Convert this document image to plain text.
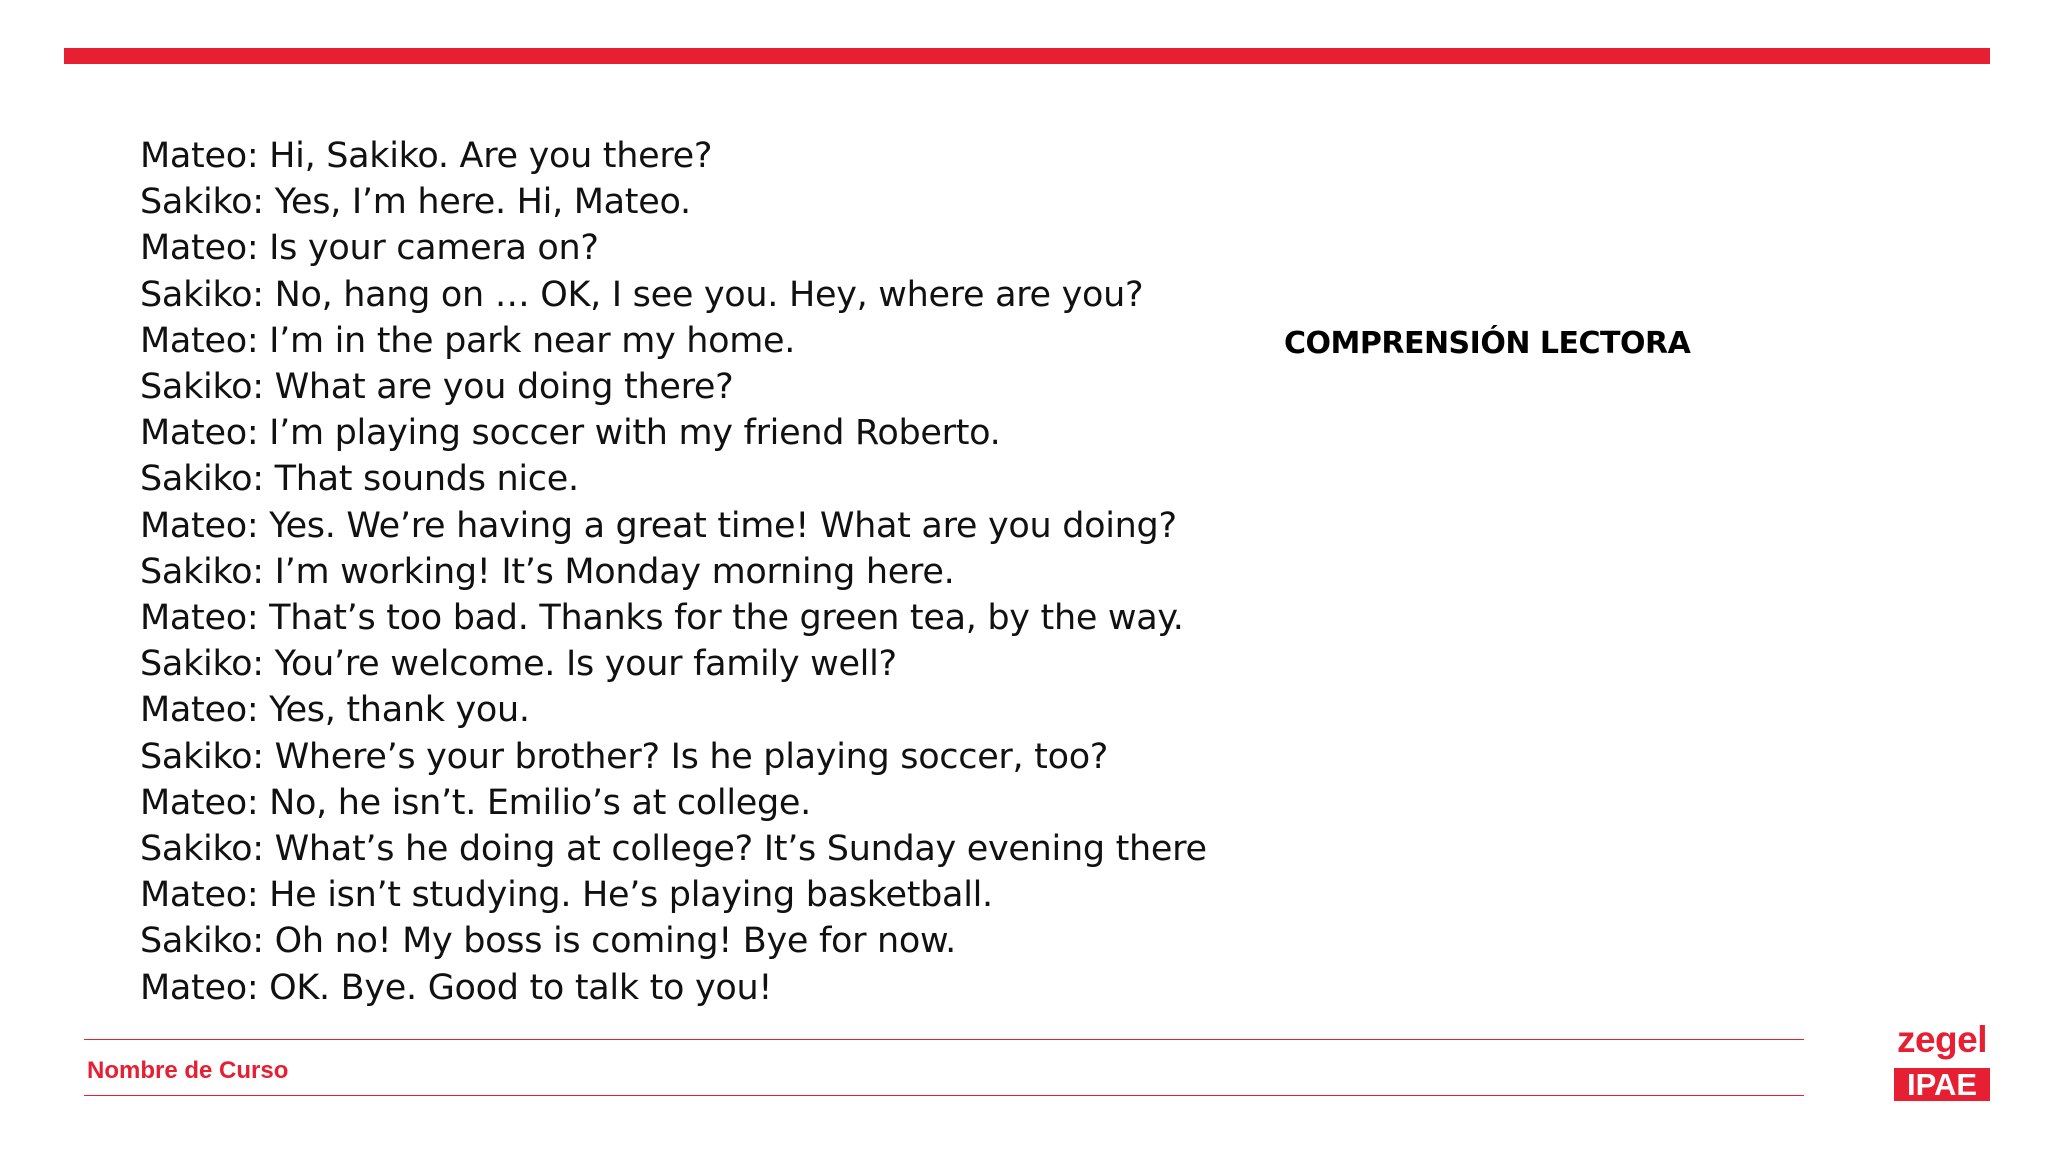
Mateo: Hi, Sakiko. Are you there?
Sakiko: Yes, I’m here. Hi, Mateo.
Mateo: Is your camera on?
Sakiko: No, hang on … OK, I see you. Hey, where are you?
Mateo: I’m in the park near my home.
Sakiko: What are you doing there?
Mateo: I’m playing soccer with my friend Roberto.
Sakiko: That sounds nice.
Mateo: Yes. We’re having a great time! What are you doing?
Sakiko: I’m working! It’s Monday morning here.
Mateo: That’s too bad. Thanks for the green tea, by the way.
Sakiko: You’re welcome. Is your family well?
Mateo: Yes, thank you.
Sakiko: Where’s your brother? Is he playing soccer, too?
Mateo: No, he isn’t. Emilio’s at college.
Sakiko: What’s he doing at college? It’s Sunday evening there
Mateo: He isn’t studying. He’s playing basketball.
Sakiko: Oh no! My boss is coming! Bye for now.
Mateo: OK. Bye. Good to talk to you!
COMPRENSIÓN LECTORA
Nombre de Curso
zegel
IPAE
